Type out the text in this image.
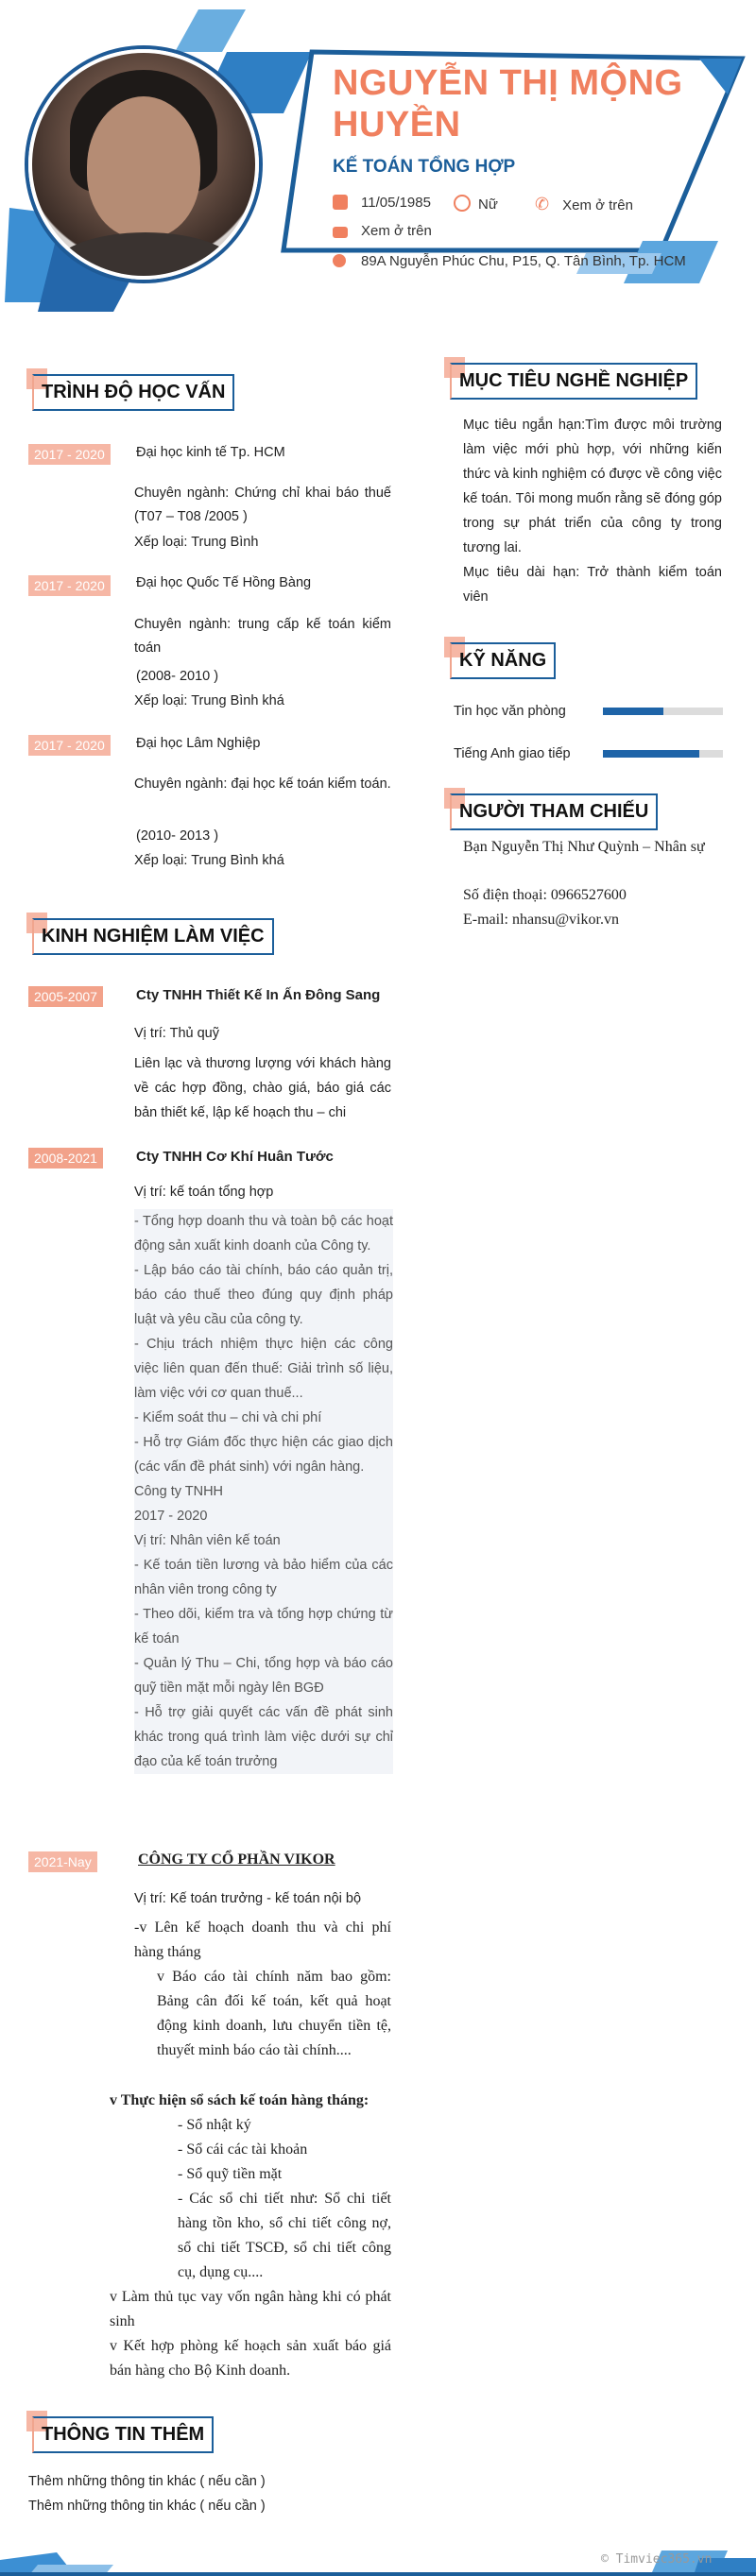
NGUYỄN THỊ MỘNG HUYỀN
KẾ TOÁN TỔNG HỢP
11/05/1985	Nữ ✆ Xem ở trên
Xem ở trên
89A Nguyễn Phúc Chu, P15, Q. Tân Bình, Tp. HCM
TRÌNH ĐỘ HỌC VẤN
2017 - 2020	Đại học kinh tế Tp. HCM
Chuyên ngành: Chứng chỉ khai báo thuế (T07 – T08 /2005 )
Xếp loại: Trung Bình
2017 - 2020	Đại học Quốc Tế Hồng Bàng
Chuyên ngành: trung cấp kế toán kiểm toán
(2008- 2010 )
Xếp loại: Trung Bình khá
2017 - 2020	Đại học Lâm Nghiệp
Chuyên ngành: đại học kế toán kiểm toán.
(2010- 2013 )
Xếp loại: Trung Bình khá
MỤC TIÊU NGHỀ NGHIỆP
Mục tiêu ngắn hạn:Tìm được môi trường làm việc mới phù hợp, với những kiến thức và kinh nghiệm có được về công việc kế toán. Tôi mong muốn rằng sẽ đóng góp trong sự phát triển của công ty trong tương lai.
Mục tiêu dài hạn: Trở thành kiểm toán viên
KỸ NĂNG
Tin học văn phòng
Tiếng Anh giao tiếp
NGƯỜI THAM CHIẾU
Bạn Nguyễn Thị Như Quỳnh – Nhân sự
Số điện thoại: 0966527600
E-mail: nhansu@vikor.vn
KINH NGHIỆM LÀM VIỆC
2005-2007	Cty TNHH Thiết Kế In Ấn Đông Sang
Vị trí: Thủ quỹ
Liên lạc và thương lượng với khách hàng về các hợp đồng, chào giá, báo giá các bản thiết kế, lập kế hoạch thu – chi
2008-2021	Cty TNHH Cơ Khí Huân Tước
Vị trí: kế toán tổng hợp
- Tổng hợp doanh thu và toàn bộ các hoạt động sản xuất kinh doanh của Công ty.
- Lập báo cáo tài chính, báo cáo quản trị, báo cáo thuế theo đúng quy định pháp luật và yêu cầu của công ty.
- Chịu trách nhiệm thực hiện các công việc liên quan đến thuế: Giải trình số liệu, làm việc với cơ quan thuế...
- Kiểm soát thu – chi và chi phí
- Hỗ trợ Giám đốc thực hiện các giao dịch (các vấn đề phát sinh) với ngân hàng.
Công ty TNHH
2017 - 2020
Vị trí: Nhân viên kế toán
- Kế toán tiền lương và bảo hiểm của các nhân viên trong công ty
- Theo dõi, kiểm tra và tổng hợp chứng từ kế toán
- Quản lý Thu – Chi, tổng hợp và báo cáo quỹ tiền mặt mỗi ngày lên BGĐ
- Hỗ trợ giải quyết các vấn đề phát sinh khác trong quá trình làm việc dưới sự chỉ đạo của kế toán trưởng
2021-Nay	CÔNG TY CỔ PHẦN VIKOR
Vị trí: Kế toán trưởng - kế toán nội bộ
-v Lên kế hoạch doanh thu và chi phí hàng tháng
v Báo cáo tài chính năm bao gồm: Bảng cân đối kế toán, kết quả hoạt động kinh doanh, lưu chuyển tiền tệ, thuyết minh báo cáo tài chính....
v Thực hiện sổ sách kế toán hàng tháng:
- Sổ nhật ký
- Sổ cái các tài khoản
- Sổ quỹ tiền mặt
- Các sổ chi tiết như: Sổ chi tiết hàng tồn kho, sổ chi tiết công nợ, sổ chi tiết TSCĐ, sổ chi tiết công cụ, dụng cụ....
v Làm thủ tục vay vốn ngân hàng khi có phát sinh
v Kết hợp phòng kế hoạch sản xuất báo giá bán hàng cho Bộ Kinh doanh.
THÔNG TIN THÊM
Thêm những thông tin khác ( nếu cần )
Thêm những thông tin khác ( nếu cần )
© Timviec365.vn
